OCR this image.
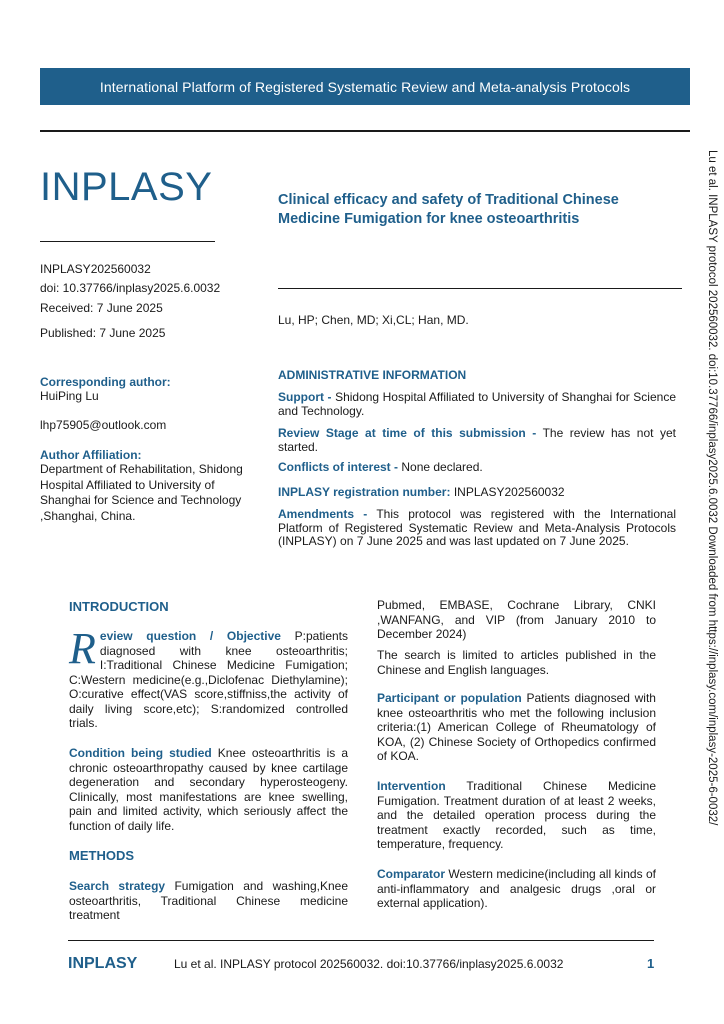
International Platform of Registered Systematic Review and Meta-analysis Protocols
INPLASY
INPLASY202560032
doi: 10.37766/inplasy2025.6.0032
Received: 7 June 2025
Published: 7 June 2025
Clinical efficacy and safety of Traditional Chinese Medicine Fumigation for knee osteoarthritis
Lu, HP; Chen, MD; Xi,CL; Han, MD.
Corresponding author:
HuiPing Lu
lhp75905@outlook.com
Author Affiliation:
Department of Rehabilitation, Shidong Hospital Affiliated to University of Shanghai for Science and Technology ,Shanghai, China.
ADMINISTRATIVE INFORMATION
Support - Shidong Hospital Affiliated to University of Shanghai for Science and Technology.
Review Stage at time of this submission - The review has not yet started.
Conflicts of interest - None declared.
INPLASY registration number: INPLASY202560032
Amendments - This protocol was registered with the International Platform of Registered Systematic Review and Meta-Analysis Protocols (INPLASY) on 7 June 2025 and was last updated on 7 June 2025.	Lu et al. INPLASY protocol 202560032. doi:10.37766/inplasy2025.6.0032 Downloaded from https://inplasy.com/inplasy-2025-6-0032/
INTRODUCTION
Review question / Objective P:patients diagnosed with knee osteoarthritis; I:Traditional Chinese Medicine Fumigation; C:Western medicine(e.g.,Diclofenac Diethylamine); O:curative effect(VAS score,stiffniss,the activity of daily living score,etc); S:randomized controlled trials.
Condition being studied Knee osteoarthritis is a chronic osteoarthropathy caused by knee cartilage degeneration and secondary hyperosteogeny. Clinically, most manifestations are knee swelling, pain and limited activity, which seriously affect the function of daily life.
METHODS
Search strategy Fumigation and washing,Knee osteoarthritis, Traditional Chinese medicine treatment
Pubmed, EMBASE, Cochrane Library, CNKI ,WANFANG, and VIP (from January 2010 to December 2024)
The search is limited to articles published in the Chinese and English languages.
Participant or population Patients diagnosed with knee osteoarthritis who met the following inclusion criteria:(1) American College of Rheumatology of KOA, (2) Chinese Society of Orthopedics confirmed of KOA.
Intervention Traditional Chinese Medicine Fumigation. Treatment duration of at least 2 weeks, and the detailed operation process during the treatment exactly recorded, such as time, temperature, frequency.
Comparator Western medicine(including all kinds of anti-inflammatory and analgesic drugs ,oral or external application).
INPLASY	Lu et al. INPLASY protocol 202560032. doi:10.37766/inplasy2025.6.0032	1
